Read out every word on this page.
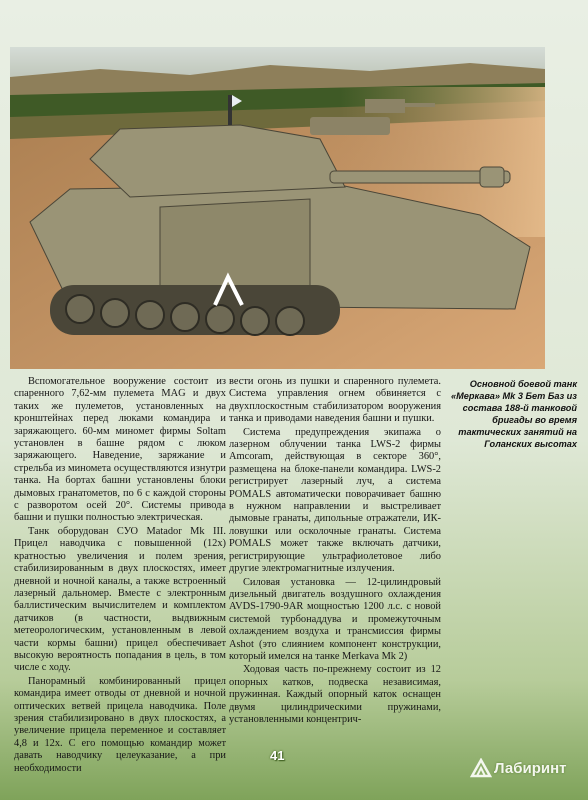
Основной боевой танк «Меркава» Mk 3 Бет Баз из состава 188-й танковой бригады во время тактических занятий на Голанских высотах

Вспомогательное вооружение состоит из спаренного 7,62-мм пулемета MAG и двух таких же пулеметов, установленных на кронштейнах перед люками командира и заряжающего. 60-мм миномет фирмы Soltam установлен в башне рядом с люком заряжающего. Наведение, заряжание и стрельба из миномета осуществляются изнутри танка. На бортах башни установлены блоки дымовых гранатометов, по 6 с каждой стороны с разворотом осей 20°. Системы привода башни и пушки полностью электрическая.

Танк оборудован СУО Matador Mk III. Прицел наводчика с повышенной (12x) кратностью увеличения и полем зрения, стабилизированным в двух плоскостях, имеет дневной и ночной каналы, а также встроенный лазерный дальномер. Вместе с электронным баллистическим вычислителем и комплектом датчиков (в частности, выдвижным метеорологическим, установленным в левой части кормы башни) прицел обеспечивает высокую вероятность попадания в цель, в том числе с ходу.

Панорамный комбинированный прицел командира имеет отводы от дневной и ночной оптических ветвей прицела наводчика. Поле зрения стабилизировано в двух плоскостях, а увеличение прицела переменное и составляет 4,8 и 12x. С его помощью командир может давать наводчику целеуказание, а при необходимости

вести огонь из пушки и спаренного пулемета. Система управления огнем обвиняется с двухплоскостным стабилизатором вооружения танка и приводами наведения башни и пушки.

Система предупреждения экипажа о лазерном облучении танка LWS-2 фирмы Amcoram, действующая в секторе 360°, размещена на блоке-панели командира. LWS-2 регистрирует лазерный луч, а система POMALS автоматически поворачивает башню в нужном направлении и выстреливает дымовые гранаты, дипольные отражатели, ИК-ловушки или осколочные гранаты. Система POMALS может также включать датчики, регистрирующие ультрафиолетовое либо другие электромагнитные излучения.

Силовая установка — 12-цилиндровый дизельный двигатель воздушного охлаждения AVDS-1790-9AR мощностью 1200 л.с. с новой системой турбонаддува и промежуточным охлаждением воздуха и трансмиссия фирмы Ashot (это слиянием компонент конструкции, который имелся на танке Merkava Mk 2)

Ходовая часть по-прежнему состоит из 12 опорных катков, подвеска независимая, пружинная. Каждый опорный каток оснащен двумя цилиндрическими пружинами, установленными концентрич-

41
Лабиринт
